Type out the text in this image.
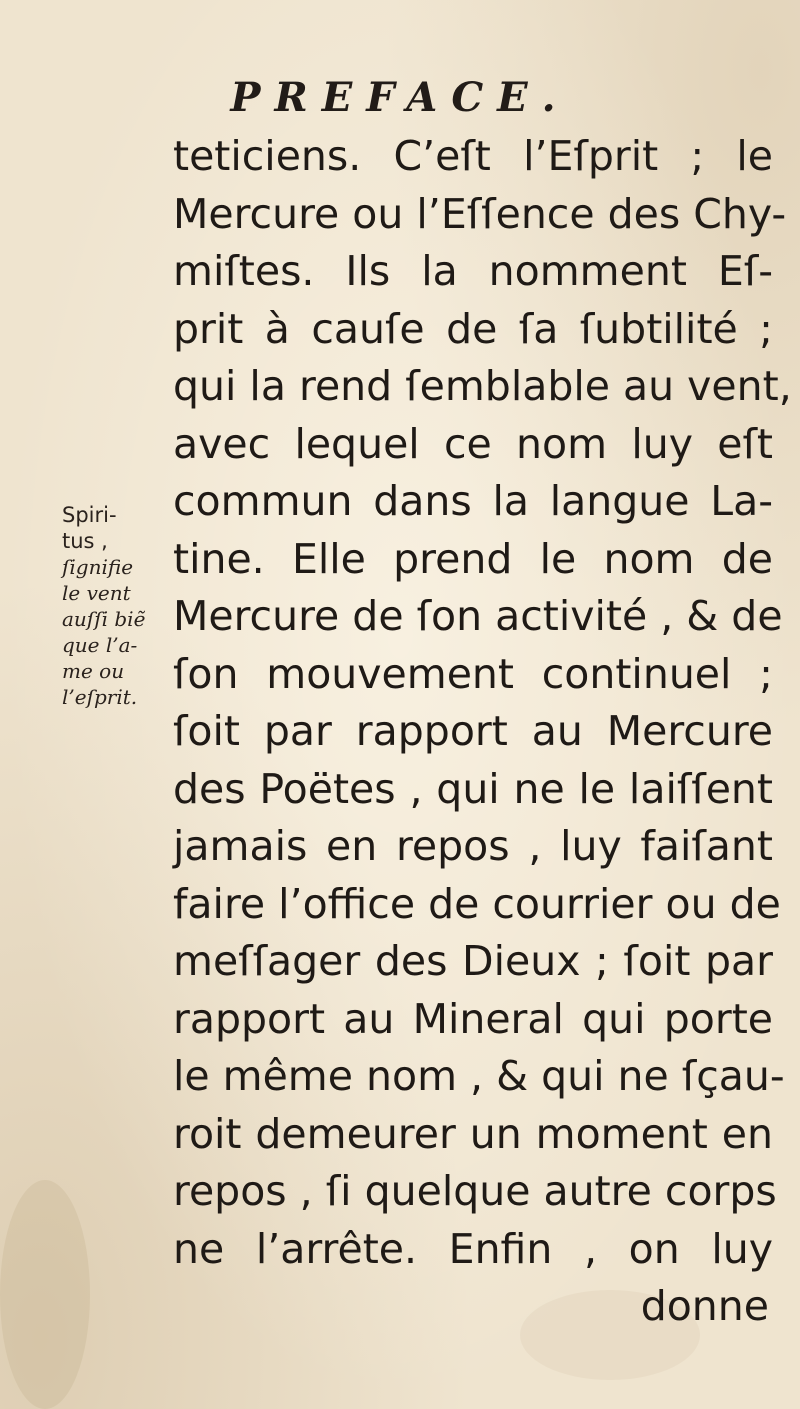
PREFACE.
teticiens. C’eſt l’Eſprit ; le
Mercure ou l’Eſſence des Chy-
miſtes. Ils la nomment Eſ-
prit à cauſe de ſa ſubtilité ;
qui la rend ſemblable au vent,
avec lequel ce nom luy eſt
commun dans la langue La-
tine. Elle prend le nom de
Mercure de ſon activité , & de
ſon mouvement continuel ;
ſoit par rapport au Mercure
des Poëtes , qui ne le laiſſent
jamais en repos , luy faiſant
faire l’office de courrier ou de
meſſager des Dieux ; ſoit par
rapport au Mineral qui porte
le même nom , & qui ne ſçau-
roit demeurer un moment en
repos , ſi quelque autre corps
ne l’arrête. Enfin , on luy
donne
Spiri-
tus ,
ſignifie
le vent
auſſi biẽ
que l’a-
me ou
l’eſprit.
